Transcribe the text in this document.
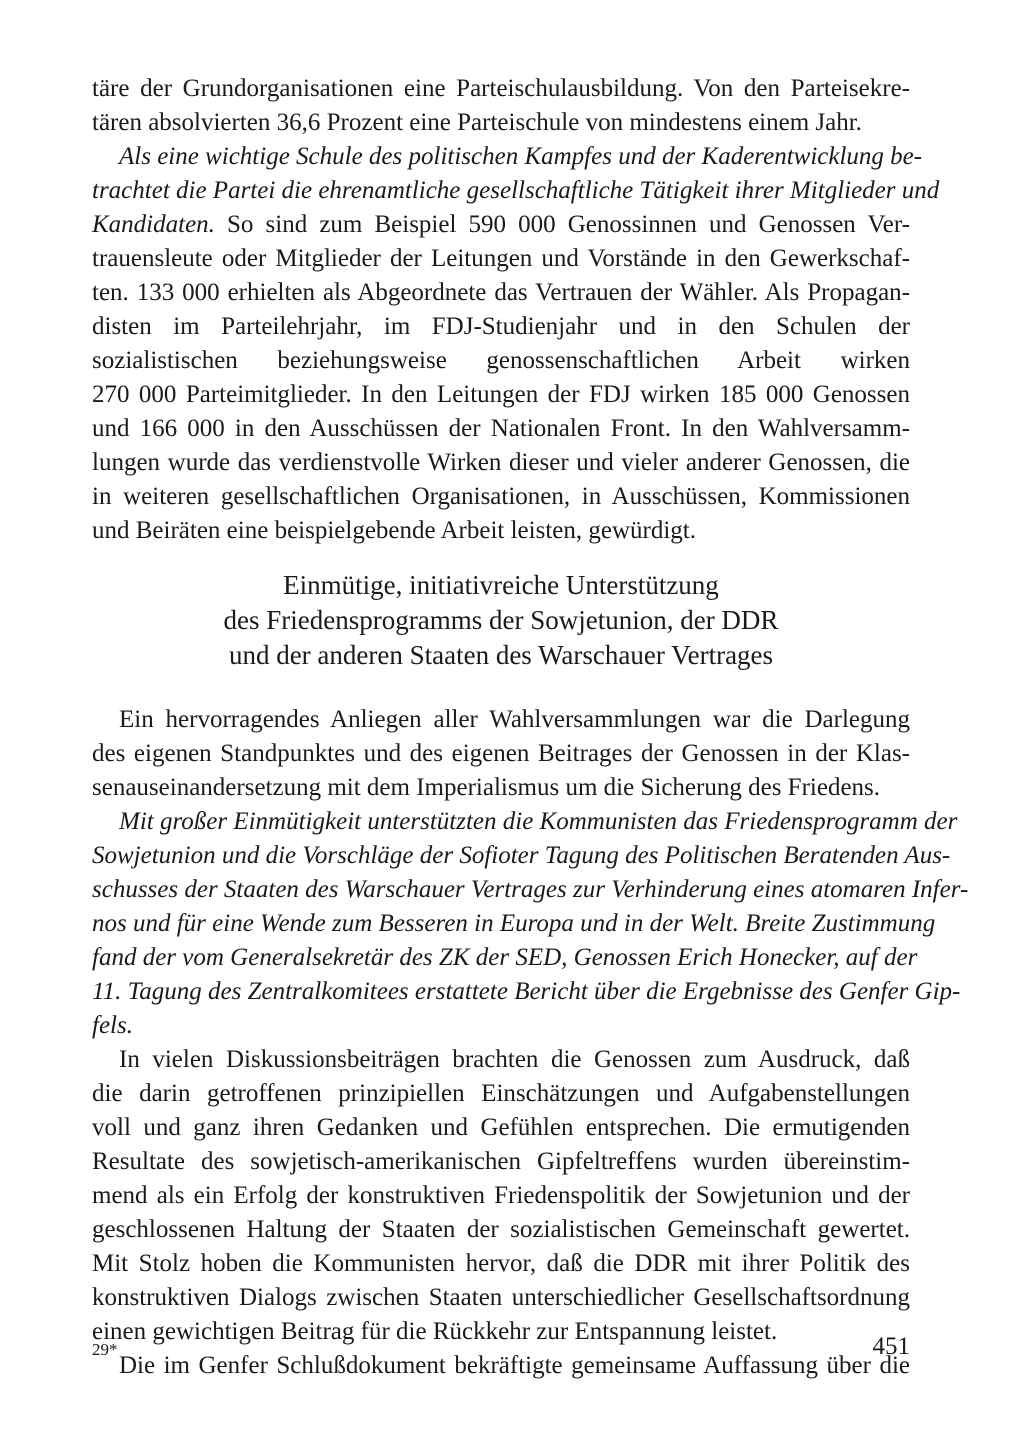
täre der Grundorganisationen eine Parteischulausbildung. Von den Parteisekre-
tären absolvierten 36,6 Prozent eine Parteischule von mindestens einem Jahr.
Als eine wichtige Schule des politischen Kampfes und der Kaderentwicklung be-
trachtet die Partei die ehrenamtliche gesellschaftliche Tätigkeit ihrer Mitglieder und
Kandidaten. So sind zum Beispiel 590 000 Genossinnen und Genossen Ver-
trauensleute oder Mitglieder der Leitungen und Vorstände in den Gewerkschaf-
ten. 133 000 erhielten als Abgeordnete das Vertrauen der Wähler. Als Propagan-
disten im Parteilehrjahr, im FDJ-Studienjahr und in den Schulen der
sozialistischen beziehungsweise genossenschaftlichen Arbeit wirken
270 000 Parteimitglieder. In den Leitungen der FDJ wirken 185 000 Genossen
und 166 000 in den Ausschüssen der Nationalen Front. In den Wahlversamm-
lungen wurde das verdienstvolle Wirken dieser und vieler anderer Genossen, die
in weiteren gesellschaftlichen Organisationen, in Ausschüssen, Kommissionen
und Beiräten eine beispielgebende Arbeit leisten, gewürdigt.
Einmütige, initiativreiche Unterstützung
des Friedensprogramms der Sowjetunion, der DDR
und der anderen Staaten des Warschauer Vertrages
Ein hervorragendes Anliegen aller Wahlversammlungen war die Darlegung
des eigenen Standpunktes und des eigenen Beitrages der Genossen in der Klas-
senauseinandersetzung mit dem Imperialismus um die Sicherung des Friedens.
Mit großer Einmütigkeit unterstützten die Kommunisten das Friedensprogramm der
Sowjetunion und die Vorschläge der Sofioter Tagung des Politischen Beratenden Aus-
schusses der Staaten des Warschauer Vertrages zur Verhinderung eines atomaren Infer-
nos und für eine Wende zum Besseren in Europa und in der Welt. Breite Zustimmung
fand der vom Generalsekretär des ZK der SED, Genossen Erich Honecker, auf der
11. Tagung des Zentralkomitees erstattete Bericht über die Ergebnisse des Genfer Gip-
fels.
In vielen Diskussionsbeiträgen brachten die Genossen zum Ausdruck, daß
die darin getroffenen prinzipiellen Einschätzungen und Aufgabenstellungen
voll und ganz ihren Gedanken und Gefühlen entsprechen. Die ermutigenden
Resultate des sowjetisch-amerikanischen Gipfeltreffens wurden übereinstim-
mend als ein Erfolg der konstruktiven Friedenspolitik der Sowjetunion und der
geschlossenen Haltung der Staaten der sozialistischen Gemeinschaft gewertet.
Mit Stolz hoben die Kommunisten hervor, daß die DDR mit ihrer Politik des
konstruktiven Dialogs zwischen Staaten unterschiedlicher Gesellschaftsordnung
einen gewichtigen Beitrag für die Rückkehr zur Entspannung leistet.
Die im Genfer Schlußdokument bekräftigte gemeinsame Auffassung über die
29*	451
